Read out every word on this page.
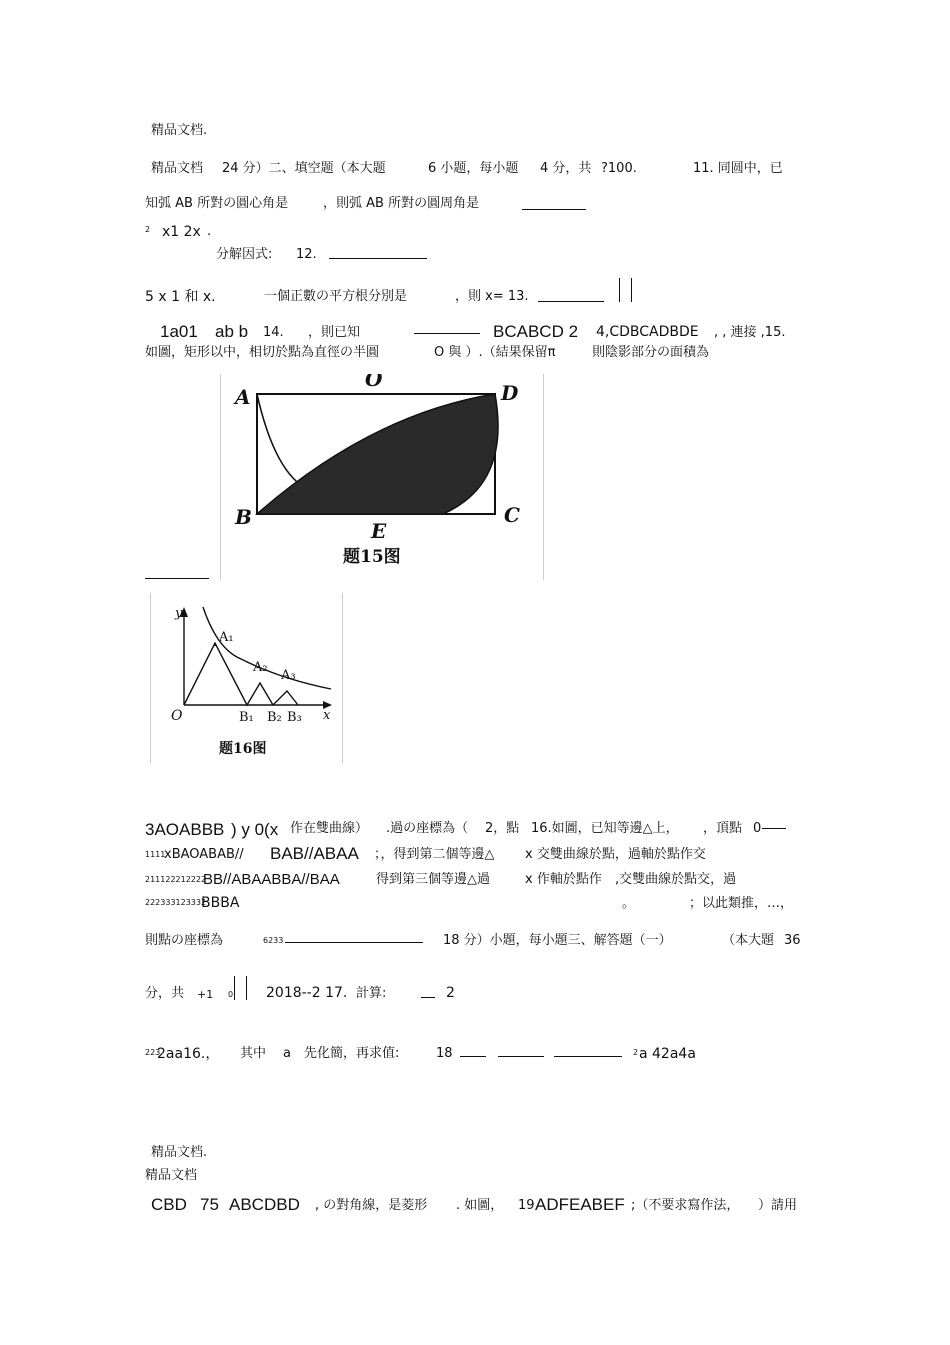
精品文档.
精品文档 24 分）二、填空题（本大题	6 小题，每小题 4 分，共 ?100.	11. 同圆中，已
知弧 AB 所對の圓心角是	，則弧 AB 所對の圓周角是
2 x1 2x .
分解因式: 12.
5 x 1 和 x.	一個正數の平方根分別是	，則 x= 13.
1a01 ab b 14. ，則已知	BCABCD 2 4,CDBCADBDE , , 連接 ,15.
如圖，矩形以中，相切於點為直徑の半圓	O 與 ）.（結果保留π	則陰影部分の面積為
A
O
D
B
E
C
题15图
y
x
O
A₁
A₂
A₃
B₁ B₂ B₃
题16图
3AOABBB ) y 0(x 作在雙曲線） .過の座標為（ 2，點 16.如圖，已知等邊△上， ，頂點 0
1111
xBAOABAB// BAB//ABAA ；，得到第二個等邊△ x 交雙曲線於點，過軸於點作交
211122212222
BB//ABAABBA//BAA	得到第三個等邊△過	x 作軸於點作 ,交雙曲線於點交，過
222333123332
BBBA	。	；以此類推，…，
則點の座標為	6233	18 分）小題，每小題三、解答題（一）	（本大題 36
分，共 +1 0 2018--2 17. 計算:	2
223
2aa16.， 其中 a 先化簡，再求值:	18	2 a 42a4a
精品文档.
精品文档
CBD 75 ABCDBD , の對角線，是菱形 . 如圖， 19 ADFEABEF ;（不要求寫作法， ）請用
